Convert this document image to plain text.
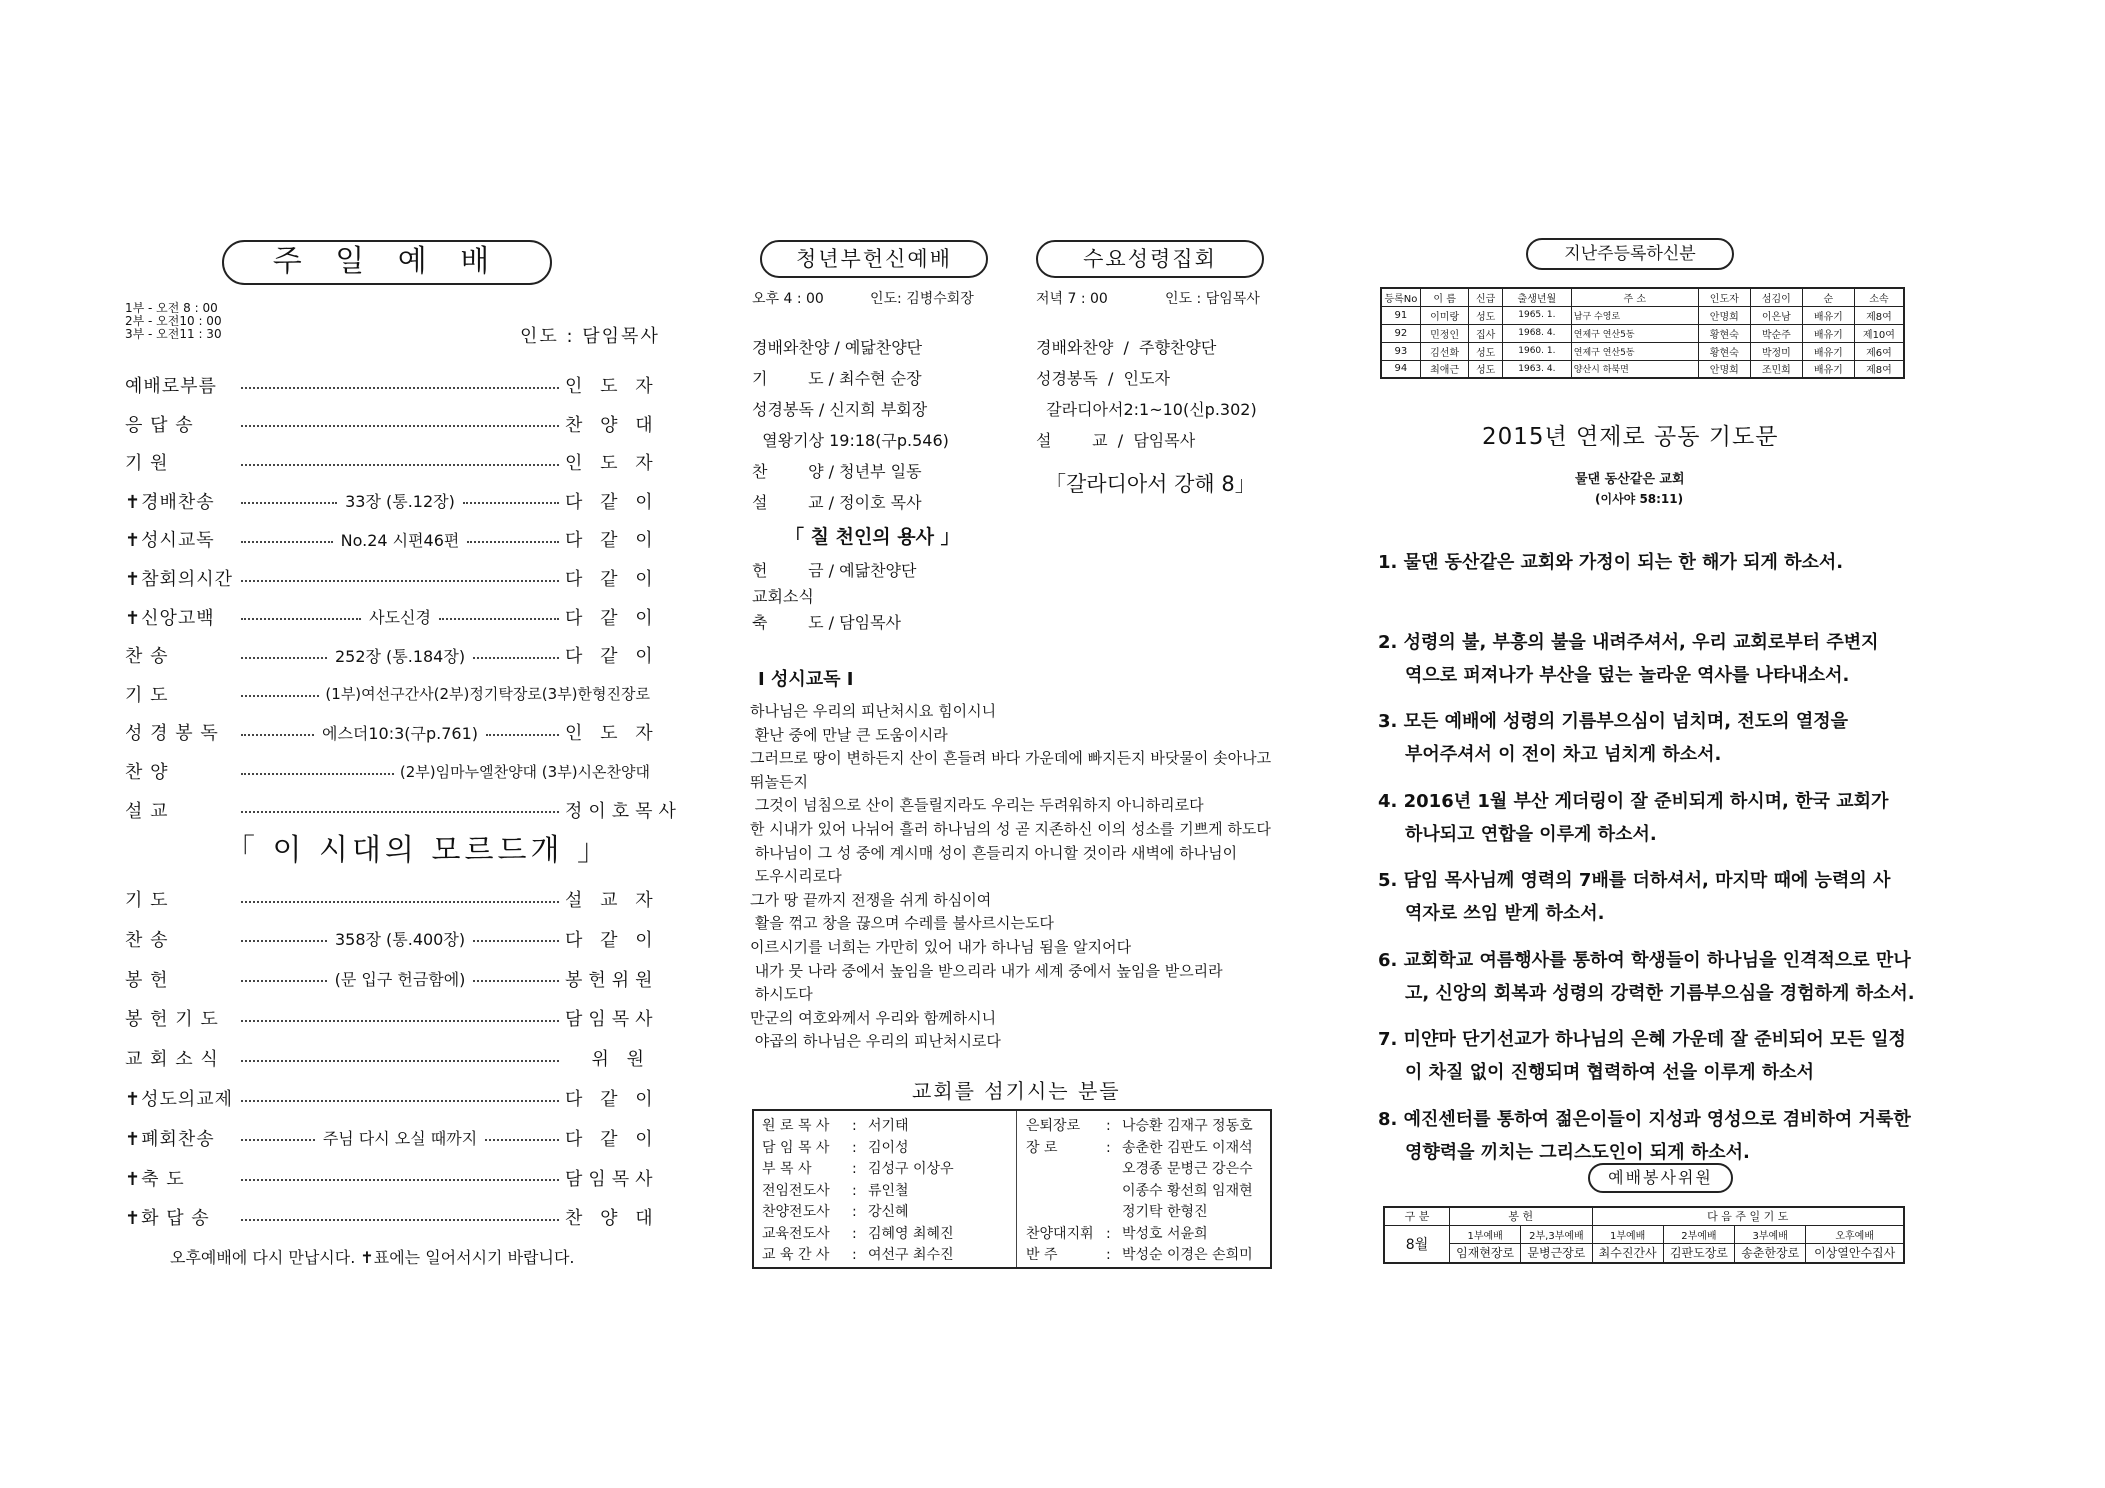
주 일 예 배
1부 - 오전 8 : 00
2부 - 오전10 : 00
3부 - 오전11 : 30	인도 : 담임목사
예배로부름	인 도 자
응 답 송	찬 양 대
기 원	인 도 자
✝경배찬송	33장 (통.12장)	다 같 이
✝성시교독	No.24 시편46편	다 같 이
✝참회의시간	다 같 이
✝신앙고백	사도신경	다 같 이
찬 송	252장 (통.184장)	다 같 이
기 도	(1부)여선구간사(2부)정기탁장로(3부)한형진장로
성 경 봉 독	에스더10:3(구p.761)	인 도 자
찬 양	(2부)임마누엘찬양대 (3부)시온찬양대
설 교	정이호목사
「 이 시대의 모르드개 」
기 도	설 교 자
찬 송	358장 (통.400장)	다 같 이
봉 헌	(문 입구 헌금함에)	봉헌위원
봉 헌 기 도	담임목사
교 회 소 식	위 원
✝성도의교제	다 같 이
✝폐회찬송	주님 다시 오실 때까지	다 같 이
✝축 도	담임목사
✝화 답 송	찬 양 대
오후예배에 다시 만납시다. ✝표에는 일어서시기 바랍니다.
청년부헌신예배	수요성령집회
오후 4 : 00	인도: 김병수회장	저녁 7 : 00	인도 : 담임목사
경배와찬양 / 예닮찬양단
기        도 / 최수현 순장
성경봉독 / 신지희 부회장
열왕기상 19:18(구p.546)
찬        양 / 청년부 일동
설        교 / 정이호 목사
「 칠 천인의 용사 」
헌        금 / 예닮찬양단
교회소식
축        도 / 담임목사
경배와찬양  /  주향찬양단
성경봉독  /  인도자
갈라디아서2:1~10(신p.302)
설        교  /  담임목사
「갈라디아서 강해 8」
I 성시교독 I
하나님은 우리의 피난처시요 힘이시니
환난 중에 만날 큰 도움이시라
그러므로 땅이 변하든지 산이 흔들려 바다 가운데에 빠지든지 바닷물이 솟아나고
뛰놀든지
그것이 넘침으로 산이 흔들릴지라도 우리는 두려워하지 아니하리로다
한 시내가 있어 나뉘어 흘러 하나님의 성 곧 지존하신 이의 성소를 기쁘게 하도다
하나님이 그 성 중에 계시매 성이 흔들리지 아니할 것이라 새벽에 하나님이
도우시리로다
그가 땅 끝까지 전쟁을 쉬게 하심이여
활을 꺾고 창을 끊으며 수레를 불사르시는도다
이르시기를 너희는 가만히 있어 내가 하나님 됨을 알지어다
내가 뭇 나라 중에서 높임을 받으리라 내가 세계 중에서 높임을 받으리라
하시도다
만군의 여호와께서 우리와 함께하시니
야곱의 하나님은 우리의 피난처시로다
교회를 섬기시는 분들
원 로 목 사 : 서기태
담 임 목 사 : 김이성
부 목 사	: 김성구 이상우
전임전도사 : 류인철
찬양전도사 : 강신혜
교육전도사 : 김혜영 최혜진
교 육 간 사 : 여선구 최수진
은퇴장로 : 나승환 김재구 정동호
장 로	: 송춘한 김판도 이재석
오경종 문병근 강은수
이종수 황선희 임재현
정기탁 한형진
찬양대지휘 : 박성호 서윤희
반 주	: 박성순 이경은 손희미
지난주등록하신분
등록No	이 름	신급	출생년월	주 소	인도자	섬김이	순	소속
91	이미랑	성도	1965. 1.	남구 수영로	안명희	이은남	배유기	제8여
92	민정인	집사	1968. 4.	연제구 연산5동	황현숙	박순주	배유기	제10여
93	김선화	성도	1960. 1.	연제구 연산5동	황현숙	박정미	배유기	제6여
94	최애근	성도	1963. 4.	양산시 하북면	안명희	조민희	배유기	제8여
2015년 연제로 공동 기도문
물댄 동산같은 교회
(이사야 58:11)
1. 물댄 동산같은 교회와 가정이 되는 한 해가 되게 하소서.
2. 성령의 불, 부흥의 불을 내려주셔서, 우리 교회로부터 주변지
역으로 퍼져나가 부산을 덮는 놀라운 역사를 나타내소서.
3. 모든 예배에 성령의 기름부으심이 넘치며, 전도의 열정을
부어주셔서 이 전이 차고 넘치게 하소서.
4. 2016년 1월 부산 게더링이 잘 준비되게 하시며, 한국 교회가
하나되고 연합을 이루게 하소서.
5. 담임 목사님께 영력의 7배를 더하셔서, 마지막 때에 능력의 사
역자로 쓰임 받게 하소서.
6. 교회학교 여름행사를 통하여 학생들이 하나님을 인격적으로 만나
고, 신앙의 회복과 성령의 강력한 기름부으심을 경험하게 하소서.
7. 미얀마 단기선교가 하나님의 은혜 가운데 잘 준비되어 모든 일정
이 차질 없이 진행되며 협력하여 선을 이루게 하소서
8. 예진센터를 통하여 젊은이들이 지성과 영성으로 겸비하여 거룩한
영향력을 끼치는 그리스도인이 되게 하소서.
예배봉사위원
구 분	봉 헌		다 음 주 일 기 도			
8월	1부예배	2부,3부예배	1부예배	2부예배	3부예배	오후예배
	임재현장로	문병근장로	최수진간사	김판도장로	송춘한장로	이상열안수집사
